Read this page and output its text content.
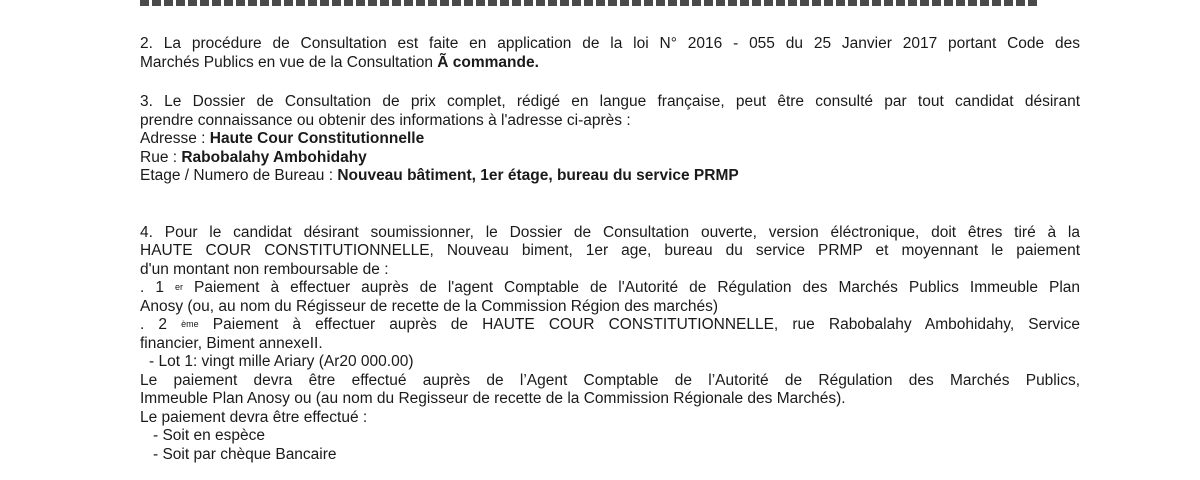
2. La procédure de Consultation est faite en application de la loi N° 2016 - 055 du 25 Janvier 2017 portant Code des
Marchés Publics en vue de la Consultation Ã commande.
3. Le Dossier de Consultation de prix complet, rédigé en langue française, peut être consulté par tout candidat désirant
prendre connaissance ou obtenir des informations à l'adresse ci-après :
Adresse : Haute Cour Constitutionnelle
Rue : Rabobalahy Ambohidahy
Etage / Numero de Bureau : Nouveau bâtiment, 1er étage, bureau du service PRMP
4. Pour le candidat désirant soumissionner, le Dossier de Consultation ouverte, version éléctronique, doit êtres tiré à la
HAUTE COUR CONSTITUTIONNELLE, Nouveau biment, 1er age, bureau du service PRMP et moyennant le paiement
d'un montant non remboursable de :
. 1 $^{er}$ Paiement à effectuer auprès de l'agent Comptable de l'Autorité de Régulation des Marchés Publics Immeuble Plan
Anosy (ou, au nom du Régisseur de recette de la Commission Région des marchés)
. 2 $^{ème}$ Paiement à effectuer auprès de HAUTE COUR CONSTITUTIONNELLE, rue Rabobalahy Ambohidahy, Service
financier, Biment annexeII.
- Lot 1: vingt mille Ariary (Ar20 000.00)
Le paiement devra être effectué auprès de l’Agent Comptable de l’Autorité de Régulation des Marchés Publics,
Immeuble Plan Anosy ou (au nom du Regisseur de recette de la Commission Régionale des Marchés).
Le paiement devra être effectué :
- Soit en espèce
- Soit par chèque Bancaire
